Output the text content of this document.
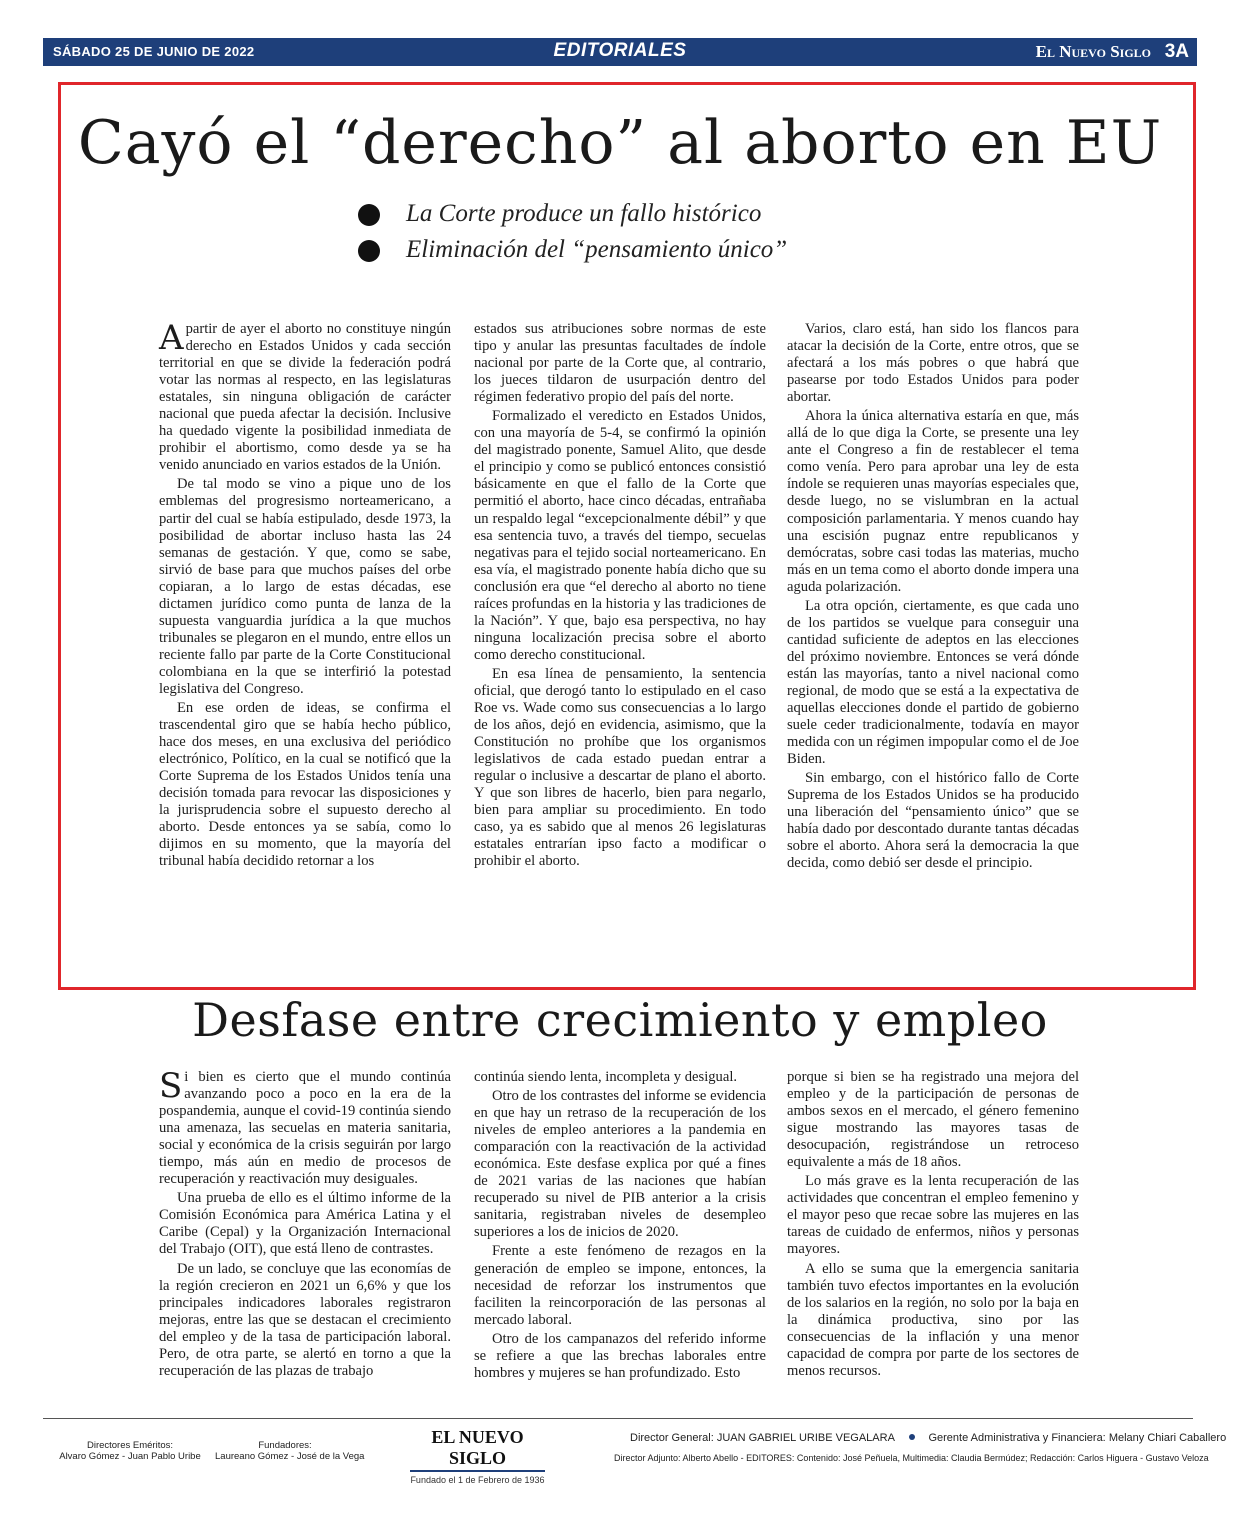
SÁBADO 25 DE JUNIO DE 2022	EDITORIALES	El Nuevo Siglo 3A
Cayó el “derecho” al aborto en EU
La Corte produce un fallo histórico
Eliminación del “pensamiento único”

Apartir de ayer el aborto no constituye ningún derecho en Estados Unidos y cada sección territorial en que se divide la federación podrá votar las normas al respecto, en las legislaturas estatales, sin ninguna obligación de carácter nacional que pueda afectar la decisión. Inclusive ha quedado vigente la posibilidad inmediata de prohibir el abortismo, como desde ya se ha venido anunciado en varios estados de la Unión.

De tal modo se vino a pique uno de los emblemas del progresismo norteamericano, a partir del cual se había estipulado, desde 1973, la posibilidad de abortar incluso hasta las 24 semanas de gestación. Y que, como se sabe, sirvió de base para que muchos países del orbe copiaran, a lo largo de estas décadas, ese dictamen jurídico como punta de lanza de la supuesta vanguardia jurídica a la que muchos tribunales se plegaron en el mundo, entre ellos un reciente fallo par parte de la Corte Constitucional colombiana en la que se interfirió la potestad legislativa del Congreso.

En ese orden de ideas, se confirma el trascendental giro que se había hecho público, hace dos meses, en una exclusiva del periódico electrónico, Político, en la cual se notificó que la Corte Suprema de los Estados Unidos tenía una decisión tomada para revocar las disposiciones y la jurisprudencia sobre el supuesto derecho al aborto. Desde entonces ya se sabía, como lo dijimos en su momento, que la mayoría del tribunal había decidido retornar a los

estados sus atribuciones sobre normas de este tipo y anular las presuntas facultades de índole nacional por parte de la Corte que, al contrario, los jueces tildaron de usurpación dentro del régimen federativo propio del país del norte.

Formalizado el veredicto en Estados Unidos, con una mayoría de 5-4, se confirmó la opinión del magistrado ponente, Samuel Alito, que desde el principio y como se publicó entonces consistió básicamente en que el fallo de la Corte que permitió el aborto, hace cinco décadas, entrañaba un respaldo legal “excepcionalmente débil” y que esa sentencia tuvo, a través del tiempo, secuelas negativas para el tejido social norteamericano. En esa vía, el magistrado ponente había dicho que su conclusión era que “el derecho al aborto no tiene raíces profundas en la historia y las tradiciones de la Nación”. Y que, bajo esa perspectiva, no hay ninguna localización precisa sobre el aborto como derecho constitucional.

En esa línea de pensamiento, la sentencia oficial, que derogó tanto lo estipulado en el caso Roe vs. Wade como sus consecuencias a lo largo de los años, dejó en evidencia, asimismo, que la Constitución no prohíbe que los organismos legislativos de cada estado puedan entrar a regular o inclusive a descartar de plano el aborto. Y que son libres de hacerlo, bien para negarlo, bien para ampliar su procedimiento. En todo caso, ya es sabido que al menos 26 legislaturas estatales entrarían ipso facto a modificar o prohibir el aborto.

Varios, claro está, han sido los flancos para atacar la decisión de la Corte, entre otros, que se afectará a los más pobres o que habrá que pasearse por todo Estados Unidos para poder abortar.

Ahora la única alternativa estaría en que, más allá de lo que diga la Corte, se presente una ley ante el Congreso a fin de restablecer el tema como venía. Pero para aprobar una ley de esta índole se requieren unas mayorías especiales que, desde luego, no se vislumbran en la actual composición parlamentaria. Y menos cuando hay una escisión pugnaz entre republicanos y demócratas, sobre casi todas las materias, mucho más en un tema como el aborto donde impera una aguda polarización.

La otra opción, ciertamente, es que cada uno de los partidos se vuelque para conseguir una cantidad suficiente de adeptos en las elecciones del próximo noviembre. Entonces se verá dónde están las mayorías, tanto a nivel nacional como regional, de modo que se está a la expectativa de aquellas elecciones donde el partido de gobierno suele ceder tradicionalmente, todavía en mayor medida con un régimen impopular como el de Joe Biden.

Sin embargo, con el histórico fallo de Corte Suprema de los Estados Unidos se ha producido una liberación del “pensamiento único” que se había dado por descontado durante tantas décadas sobre el aborto. Ahora será la democracia la que decida, como debió ser desde el principio.

Desfase entre crecimiento y empleo

Si bien es cierto que el mundo continúa avanzando poco a poco en la era de la pospandemia, aunque el covid-19 continúa siendo una amenaza, las secuelas en materia sanitaria, social y económica de la crisis seguirán por largo tiempo, más aún en medio de procesos de recuperación y reactivación muy desiguales.

Una prueba de ello es el último informe de la Comisión Económica para América Latina y el Caribe (Cepal) y la Organización Internacional del Trabajo (OIT), que está lleno de contrastes.

De un lado, se concluye que las economías de la región crecieron en 2021 un 6,6% y que los principales indicadores laborales registraron mejoras, entre las que se destacan el crecimiento del empleo y de la tasa de participación laboral. Pero, de otra parte, se alertó en torno a que la recuperación de las plazas de trabajo

continúa siendo lenta, incompleta y desigual.

Otro de los contrastes del informe se evidencia en que hay un retraso de la recuperación de los niveles de empleo anteriores a la pandemia en comparación con la reactivación de la actividad económica. Este desfase explica por qué a fines de 2021 varias de las naciones que habían recuperado su nivel de PIB anterior a la crisis sanitaria, registraban niveles de desempleo superiores a los de inicios de 2020.

Frente a este fenómeno de rezagos en la generación de empleo se impone, entonces, la necesidad de reforzar los instrumentos que faciliten la reincorporación de las personas al mercado laboral.

Otro de los campanazos del referido informe se refiere a que las brechas laborales entre hombres y mujeres se han profundizado. Esto

porque si bien se ha registrado una mejora del empleo y de la participación de personas de ambos sexos en el mercado, el género femenino sigue mostrando las mayores tasas de desocupación, registrándose un retroceso equivalente a más de 18 años.

Lo más grave es la lenta recuperación de las actividades que concentran el empleo femenino y el mayor peso que recae sobre las mujeres en las tareas de cuidado de enfermos, niños y personas mayores.

A ello se suma que la emergencia sanitaria también tuvo efectos importantes en la evolución de los salarios en la región, no solo por la baja en la dinámica productiva, sino por las consecuencias de la inflación y una menor capacidad de compra por parte de los sectores de menos recursos.

Directores Eméritos:
Alvaro Gómez - Juan Pablo Uribe
Fundadores:
Laureano Gómez - José de la Vega
EL NUEVO SIGLO
Fundado el 1 de Febrero de 1936
Director General: JUAN GABRIEL URIBE VEGALARA	Gerente Administrativa y Financiera: Melany Chiari Caballero
Director Adjunto: Alberto Abello - EDITORES: Contenido: José Peñuela, Multimedia: Claudia Bermúdez; Redacción: Carlos Higuera - Gustavo Veloza
